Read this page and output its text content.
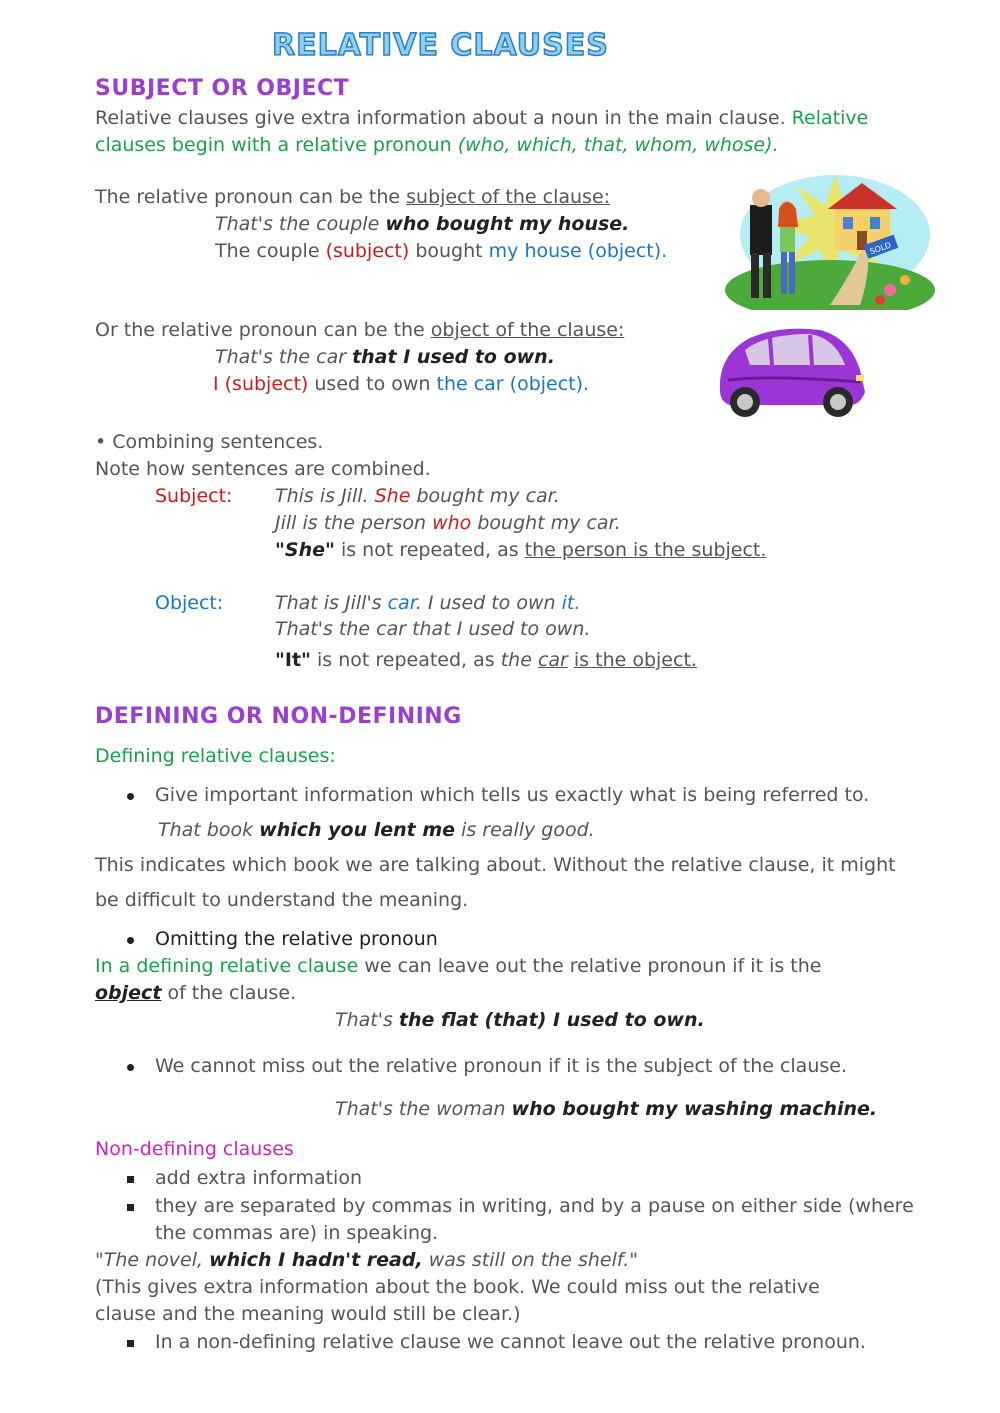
RELATIVE CLAUSES
SUBJECT OR OBJECT
Relative clauses give extra information about a noun in the main clause. Relative
clauses begin with a relative pronoun (who, which, that, whom, whose).
The relative pronoun can be the subject of the clause:
That's the couple who bought my house.
The couple (subject) bought my house (object).	SOLD
Or the relative pronoun can be the object of the clause:
That's the car that I used to own.
I (subject) used to own the car (object).
• Combining sentences.
Note how sentences are combined.
Subject: This is Jill. She bought my car.
Jill is the person who bought my car.
"She" is not repeated, as the person is the subject.
Object:	That is Jill's car. I used to own it.
That's the car that I used to own.
"It" is not repeated, as the car is the object.
DEFINING OR NON-DEFINING
Defining relative clauses:
Give important information which tells us exactly what is being referred to.
That book which you lent me is really good.
This indicates which book we are talking about. Without the relative clause, it might
be difficult to understand the meaning.
Omitting the relative pronoun
In a defining relative clause we can leave out the relative pronoun if it is the
object of the clause.
That's the flat (that) I used to own.
We cannot miss out the relative pronoun if it is the subject of the clause.
That's the woman who bought my washing machine.
Non-defining clauses
add extra information
they are separated by commas in writing, and by a pause on either side (where
the commas are) in speaking.
"The novel, which I hadn't read, was still on the shelf."
(This gives extra information about the book. We could miss out the relative
clause and the meaning would still be clear.)
In a non-defining relative clause we cannot leave out the relative pronoun.
